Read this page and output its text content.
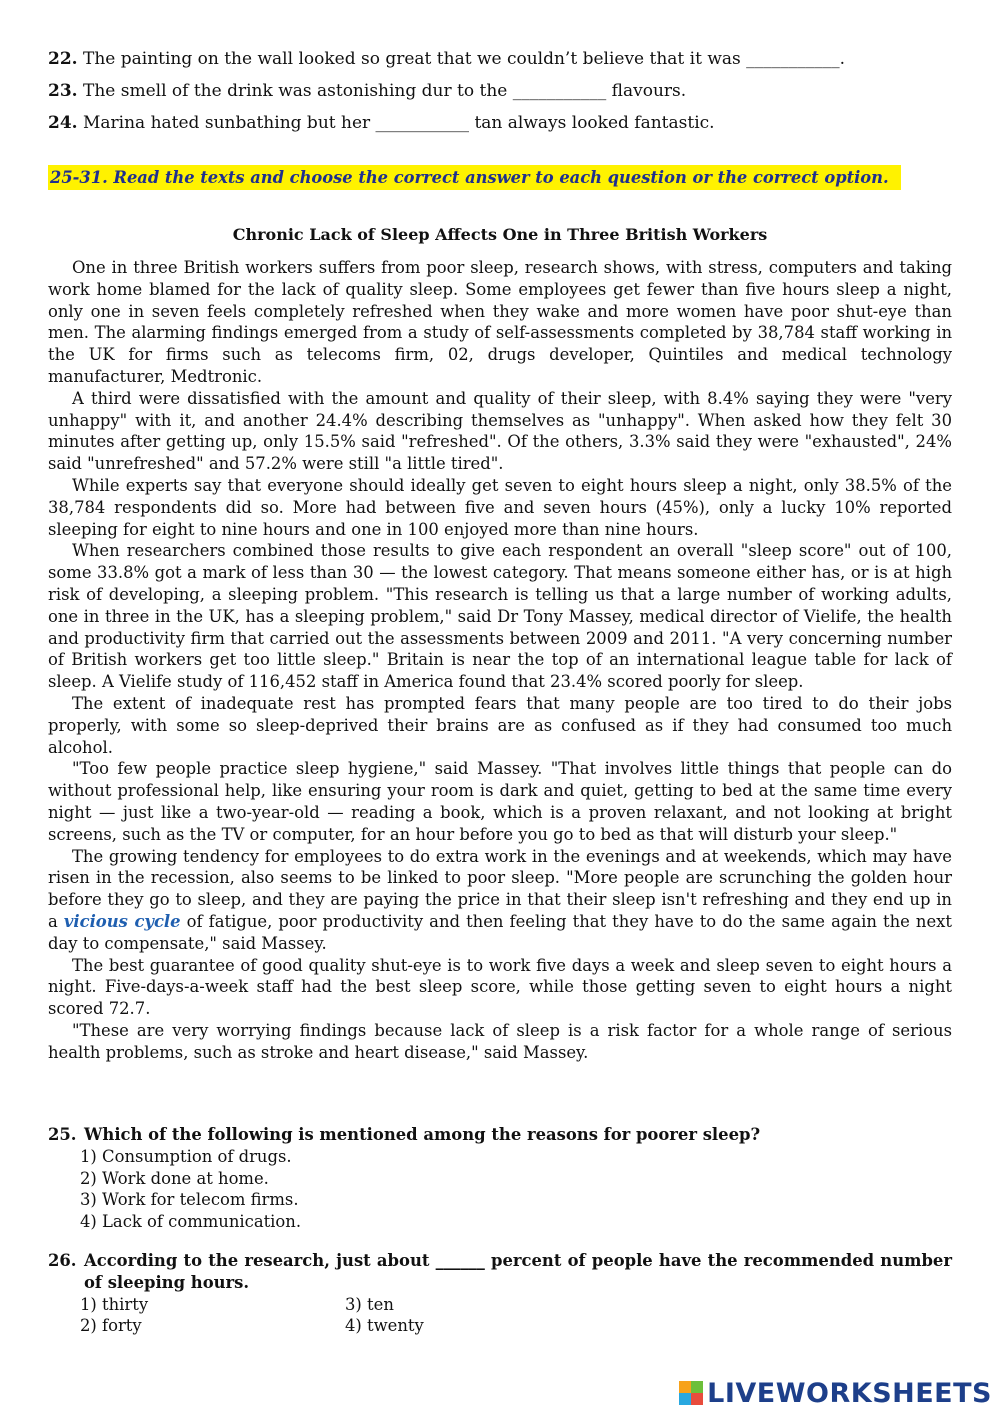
22. The painting on the wall looked so great that we couldn’t believe that it was ___________.
23. The smell of the drink was astonishing dur to the ___________ flavours.
24. Marina hated sunbathing but her ___________ tan always looked fantastic.
25-31. Read the texts and choose the correct answer to each question or the correct option.
Chronic Lack of Sleep Affects One in Three British Workers

One in three British workers suffers from poor sleep, research shows, with stress, computers and taking work home blamed for the lack of quality sleep. Some employees get fewer than five hours sleep a night, only one in seven feels completely refreshed when they wake and more women have poor shut-eye than men. The alarming findings emerged from a study of self-assessments completed by 38,784 staff working in the UK for firms such as telecoms firm, 02, drugs developer, Quintiles and medical technology manufacturer, Medtronic.

A third were dissatisfied with the amount and quality of their sleep, with 8.4% saying they were "very unhappy" with it, and another 24.4% describing themselves as "unhappy". When asked how they felt 30 minutes after getting up, only 15.5% said "refreshed". Of the others, 3.3% said they were "exhausted", 24% said "unrefreshed" and 57.2% were still "a little tired".

While experts say that everyone should ideally get seven to eight hours sleep a night, only 38.5% of the 38,784 respondents did so. More had between five and seven hours (45%), only a lucky 10% reported sleeping for eight to nine hours and one in 100 enjoyed more than nine hours.

When researchers combined those results to give each respondent an overall "sleep score" out of 100, some 33.8% got a mark of less than 30 — the lowest category. That means someone either has, or is at high risk of developing, a sleeping problem. "This research is telling us that a large number of working adults, one in three in the UK, has a sleeping problem," said Dr Tony Massey, medical director of Vielife, the health and productivity firm that carried out the assessments between 2009 and 2011. "A very concerning number of British workers get too little sleep." Britain is near the top of an international league table for lack of sleep. A Vielife study of 116,452 staff in America found that 23.4% scored poorly for sleep.

The extent of inadequate rest has prompted fears that many people are too tired to do their jobs properly, with some so sleep-deprived their brains are as confused as if they had consumed too much alcohol.

"Too few people practice sleep hygiene," said Massey. "That involves little things that people can do without professional help, like ensuring your room is dark and quiet, getting to bed at the same time every night — just like a two-year-old — reading a book, which is a proven relaxant, and not looking at bright screens, such as the TV or computer, for an hour before you go to bed as that will disturb your sleep."

The growing tendency for employees to do extra work in the evenings and at weekends, which may have risen in the recession, also seems to be linked to poor sleep. "More people are scrunching the golden hour before they go to sleep, and they are paying the price in that their sleep isn't refreshing and they end up in a vicious cycle of fatigue, poor productivity and then feeling that they have to do the same again the next day to compensate," said Massey.

The best guarantee of good quality shut-eye is to work five days a week and sleep seven to eight hours a night. Five-days-a-week staff had the best sleep score, while those getting seven to eight hours a night scored 72.7.

"These are very worrying findings because lack of sleep is a risk factor for a whole range of serious health problems, such as stroke and heart disease," said Massey.

25. Which of the following is mentioned among the reasons for poorer sleep?
1) Consumption of drugs.
2) Work done at home.
3) Work for telecom firms.
4) Lack of communication.
26. According to the research, just about ______ percent of people have the recommended number of sleeping hours.
1) thirty	3) ten
2) forty	4) twenty
LIVEWORKSHEETS
